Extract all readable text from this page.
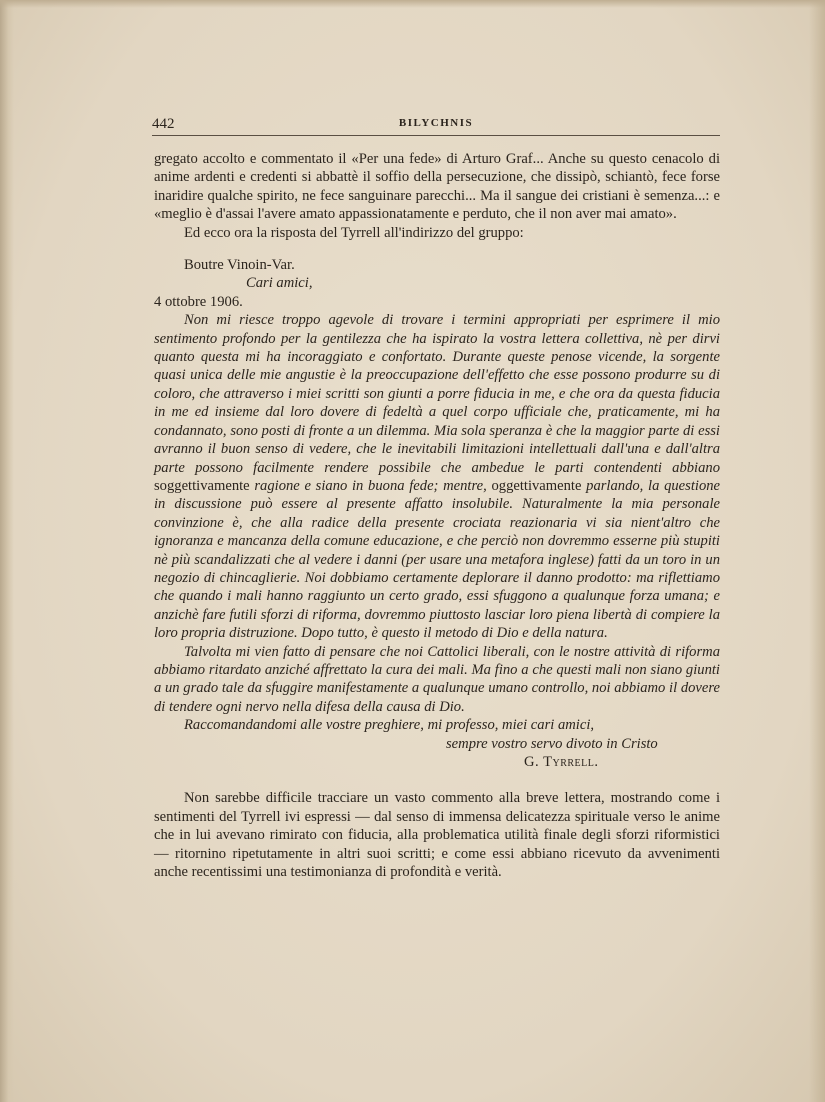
442	BILYCHNIS

gregato accolto e commentato il «Per una fede» di Arturo Graf... Anche su questo cenacolo di anime ardenti e credenti si abbattè il soffio della persecuzione, che dissipò, schiantò, fece forse inaridire qualche spirito, ne fece sanguinare parecchi... Ma il sangue dei cristiani è semenza...: e «meglio è d'assai l'avere amato appassionatamente e perduto, che il non aver mai amato».

Ed ecco ora la risposta del Tyrrell all'indirizzo del gruppo:

Boutre Vinoin-Var.

Cari amici,

4 ottobre 1906.

Non mi riesce troppo agevole di trovare i termini appropriati per esprimere il mio sentimento profondo per la gentilezza che ha ispirato la vostra lettera collettiva, nè per dirvi quanto questa mi ha incoraggiato e confortato. Durante queste penose vicende, la sorgente quasi unica delle mie angustie è la preoccupazione dell'effetto che esse possono produrre su di coloro, che attraverso i miei scritti son giunti a porre fiducia in me, e che ora da questa fiducia in me ed insieme dal loro dovere di fedeltà a quel corpo ufficiale che, praticamente, mi ha condannato, sono posti di fronte a un dilemma. Mia sola speranza è che la maggior parte di essi avranno il buon senso di vedere, che le inevitabili limitazioni intellettuali dall'una e dall'altra parte possono facilmente rendere possibile che ambedue le parti contendenti abbiano soggettivamente ragione e siano in buona fede; mentre, oggettivamente parlando, la questione in discussione può essere al presente affatto insolubile. Naturalmente la mia personale convinzione è, che alla radice della presente crociata reazionaria vi sia nient'altro che ignoranza e mancanza della comune educazione, e che perciò non dovremmo esserne più stupiti nè più scandalizzati che al vedere i danni (per usare una metafora inglese) fatti da un toro in un negozio di chincaglierie. Noi dobbiamo certamente deplorare il danno prodotto: ma riflettiamo che quando i mali hanno raggiunto un certo grado, essi sfuggono a qualunque forza umana; e anzichè fare futili sforzi di riforma, dovremmo piuttosto lasciar loro piena libertà di compiere la loro propria distruzione. Dopo tutto, è questo il metodo di Dio e della natura.

Talvolta mi vien fatto di pensare che noi Cattolici liberali, con le nostre attività di riforma abbiamo ritardato anziché affrettato la cura dei mali. Ma fino a che questi mali non siano giunti a un grado tale da sfuggire manifestamente a qualunque umano controllo, noi abbiamo il dovere di tendere ogni nervo nella difesa della causa di Dio.

Raccomandandomi alle vostre preghiere, mi professo, miei cari amici,

sempre vostro servo divoto in Cristo

G. Tyrrell.

Non sarebbe difficile tracciare un vasto commento alla breve lettera, mostrando come i sentimenti del Tyrrell ivi espressi — dal senso di immensa delicatezza spirituale verso le anime che in lui avevano rimirato con fiducia, alla problematica utilità finale degli sforzi riformistici — ritornino ripetutamente in altri suoi scritti; e come essi abbiano ricevuto da avvenimenti anche recentissimi una testimonianza di profondità e verità.
